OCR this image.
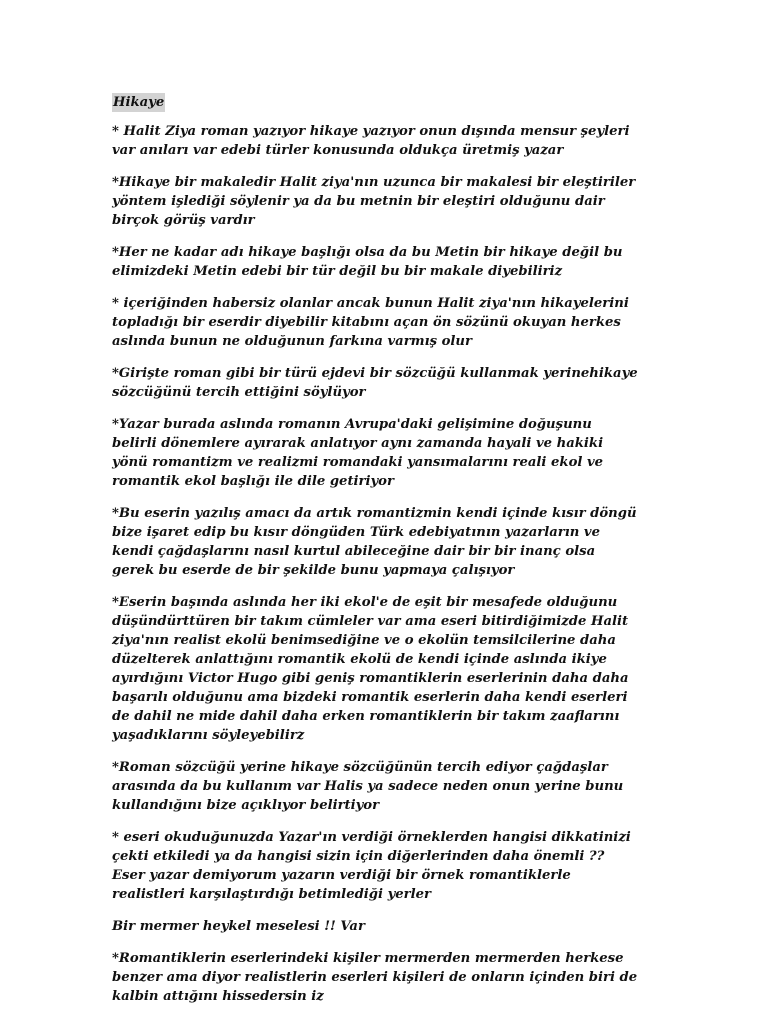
Hikaye

* Halit Ziya roman yazıyor hikaye yazıyor onun dışında mensur şeyleri var anıları var edebi türler konusunda oldukça üretmiş yazar

*Hikaye bir makaledir Halit ziya'nın uzunca bir makalesi bir eleştiriler yöntem işlediği söylenir ya da bu metnin bir eleştiri olduğunu dair birçok görüş vardır

*Her ne kadar adı hikaye başlığı olsa da bu Metin bir hikaye değil bu elimizdeki Metin edebi bir tür değil bu bir makale diyebiliriz

* içeriğinden habersiz olanlar ancak bunun Halit ziya'nın hikayelerini topladığı bir eserdir diyebilir kitabını açan ön sözünü okuyan herkes aslında bunun ne olduğunun farkına varmış olur

*Girişte roman gibi bir türü ejdevi bir sözcüğü kullanmak yerinehikaye sözcüğünü tercih ettiğini söylüyor

*Yazar burada aslında romanın Avrupa'daki gelişimine doğuşunu belirli dönemlere ayırarak anlatıyor aynı zamanda hayali ve hakiki yönü romantizm ve realizmi romandaki yansımalarını reali ekol ve romantik ekol başlığı ile dile getiriyor

*Bu eserin yazılış amacı da artık romantizmin kendi içinde kısır döngü bize işaret edip bu kısır döngüden Türk edebiyatının yazarların ve kendi çağdaşlarını nasıl kurtul abileceğine dair bir bir inanç olsa gerek bu eserde de bir şekilde bunu yapmaya çalışıyor

*Eserin başında aslında her iki ekol'e de eşit bir mesafede olduğunu düşündürttüren bir takım cümleler var ama eseri bitirdiğimizde Halit ziya'nın realist ekolü benimsediğine ve o ekolün temsilcilerine daha düzelterek anlattığını romantik ekolü de kendi içinde aslında ikiye ayırdığını Victor Hugo gibi geniş romantiklerin eserlerinin daha daha başarılı olduğunu ama bizdeki romantik eserlerin daha kendi eserleri de dahil ne mide dahil daha erken romantiklerin bir takım zaaflarını yaşadıklarını söyleyebilirz

*Roman sözcüğü yerine hikaye sözcüğünün tercih ediyor çağdaşlar arasında da bu kullanım var Halis ya sadece neden onun yerine bunu kullandığını bize açıklıyor belirtiyor

* eseri okuduğunuzda Yazar'ın verdiği örneklerden hangisi dikkatinizi çekti etkiledi ya da hangisi sizin için diğerlerinden daha önemli ?? Eser yazar demiyorum yazarın verdiği bir örnek romantiklerle realistleri karşılaştırdığı betimlediği yerler

Bir mermer heykel meselesi !! Var

*Romantiklerin eserlerindeki kişiler mermerden mermerden herkese benzer ama diyor realistlerin eserleri kişileri de onların içinden biri de kalbin attığını hissedersin iz
